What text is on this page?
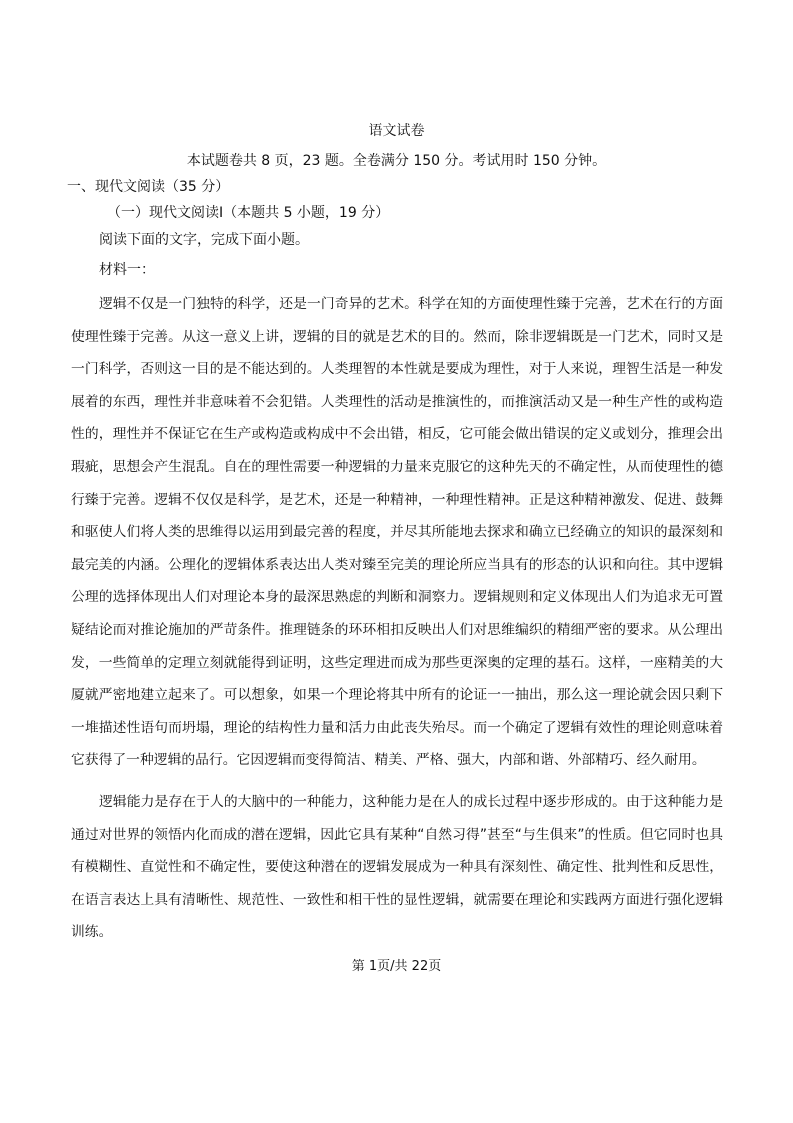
语文试卷
本试题卷共 8 页，23 题。全卷满分 150 分。考试用时 150 分钟。
一、现代文阅读（35 分）
（一）现代文阅读Ⅰ（本题共 5 小题，19 分）
阅读下面的文字，完成下面小题。
材料一：

逻辑不仅是一门独特的科学，还是一门奇异的艺术。科学在知的方面使理性臻于完善，艺术在行的方面使理性臻于完善。从这一意义上讲，逻辑的目的就是艺术的目的。然而，除非逻辑既是一门艺术，同时又是一门科学，否则这一目的是不能达到的。人类理智的本性就是要成为理性，对于人来说，理智生活是一种发展着的东西，理性并非意味着不会犯错。人类理性的活动是推演性的，而推演活动又是一种生产性的或构造性的，理性并不保证它在生产或构造或构成中不会出错，相反，它可能会做出错误的定义或划分，推理会出瑕疵，思想会产生混乱。自在的理性需要一种逻辑的力量来克服它的这种先天的不确定性，从而使理性的德行臻于完善。逻辑不仅仅是科学，是艺术，还是一种精神，一种理性精神。正是这种精神激发、促进、鼓舞和驱使人们将人类的思维得以运用到最完善的程度，并尽其所能地去探求和确立已经确立的知识的最深刻和最完美的内涵。公理化的逻辑体系表达出人类对臻至完美的理论所应当具有的形态的认识和向往。其中逻辑公理的选择体现出人们对理论本身的最深思熟虑的判断和洞察力。逻辑规则和定义体现出人们为追求无可置疑结论而对推论施加的严苛条件。推理链条的环环相扣反映出人们对思维编织的精细严密的要求。从公理出发，一些简单的定理立刻就能得到证明，这些定理进而成为那些更深奥的定理的基石。这样，一座精美的大厦就严密地建立起来了。可以想象，如果一个理论将其中所有的论证一一抽出，那么这一理论就会因只剩下一堆描述性语句而坍塌，理论的结构性力量和活力由此丧失殆尽。而一个确定了逻辑有效性的理论则意味着它获得了一种逻辑的品行。它因逻辑而变得简洁、精美、严格、强大，内部和谐、外部精巧、经久耐用。

逻辑能力是存在于人的大脑中的一种能力，这种能力是在人的成长过程中逐步形成的。由于这种能力是通过对世界的领悟内化而成的潜在逻辑，因此它具有某种“自然习得”甚至“与生俱来”的性质。但它同时也具有模糊性、直觉性和不确定性，要使这种潜在的逻辑发展成为一种具有深刻性、确定性、批判性和反思性，在语言表达上具有清晰性、规范性、一致性和相干性的显性逻辑，就需要在理论和实践两方面进行强化逻辑训练。

第 1页/共 22页
